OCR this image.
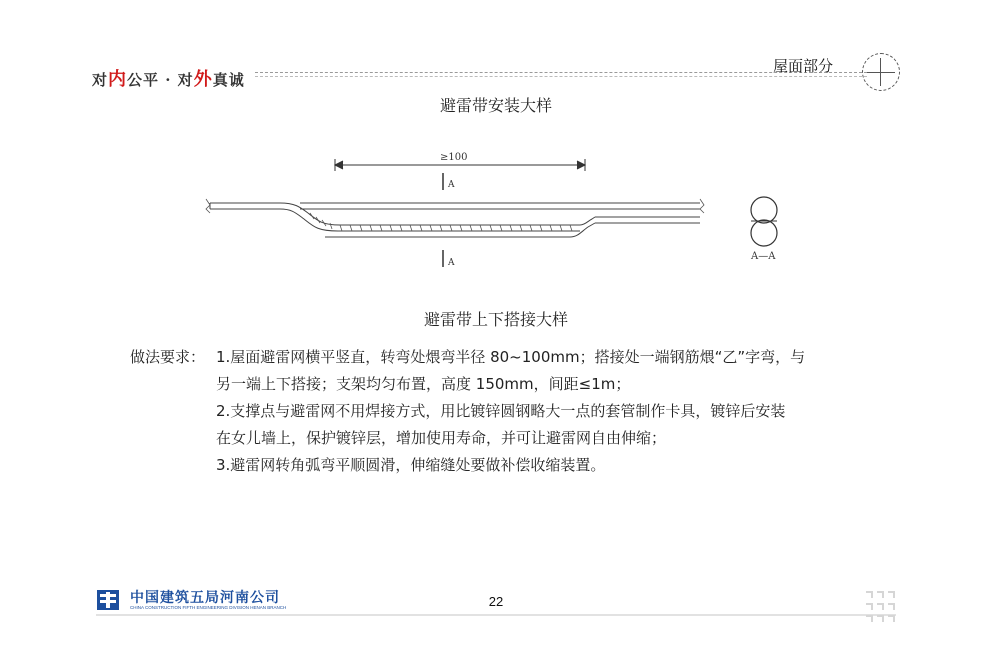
对内公平 · 对外真诚
屋面部分
避雷带安装大样
≥100
A
A
A—A
避雷带上下搭接大样
做法要求： 1.屋面避雷网横平竖直，转弯处煨弯半径 80~100mm；搭接处一端钢筋煨“乙”字弯，与
另一端上下搭接；支架均匀布置，高度 150mm，间距≤1m；
2.支撑点与避雷网不用焊接方式，用比镀锌圆钢略大一点的套管制作卡具，镀锌后安装
在女儿墙上，保护镀锌层，增加使用寿命，并可让避雷网自由伸缩；
3.避雷网转角弧弯平顺圆滑，伸缩缝处要做补偿收缩装置。
中国建筑五局河南公司
CHINA CONSTRUCTION FIFTH ENGINEERING DIVISION HENAN BRANCH	22
